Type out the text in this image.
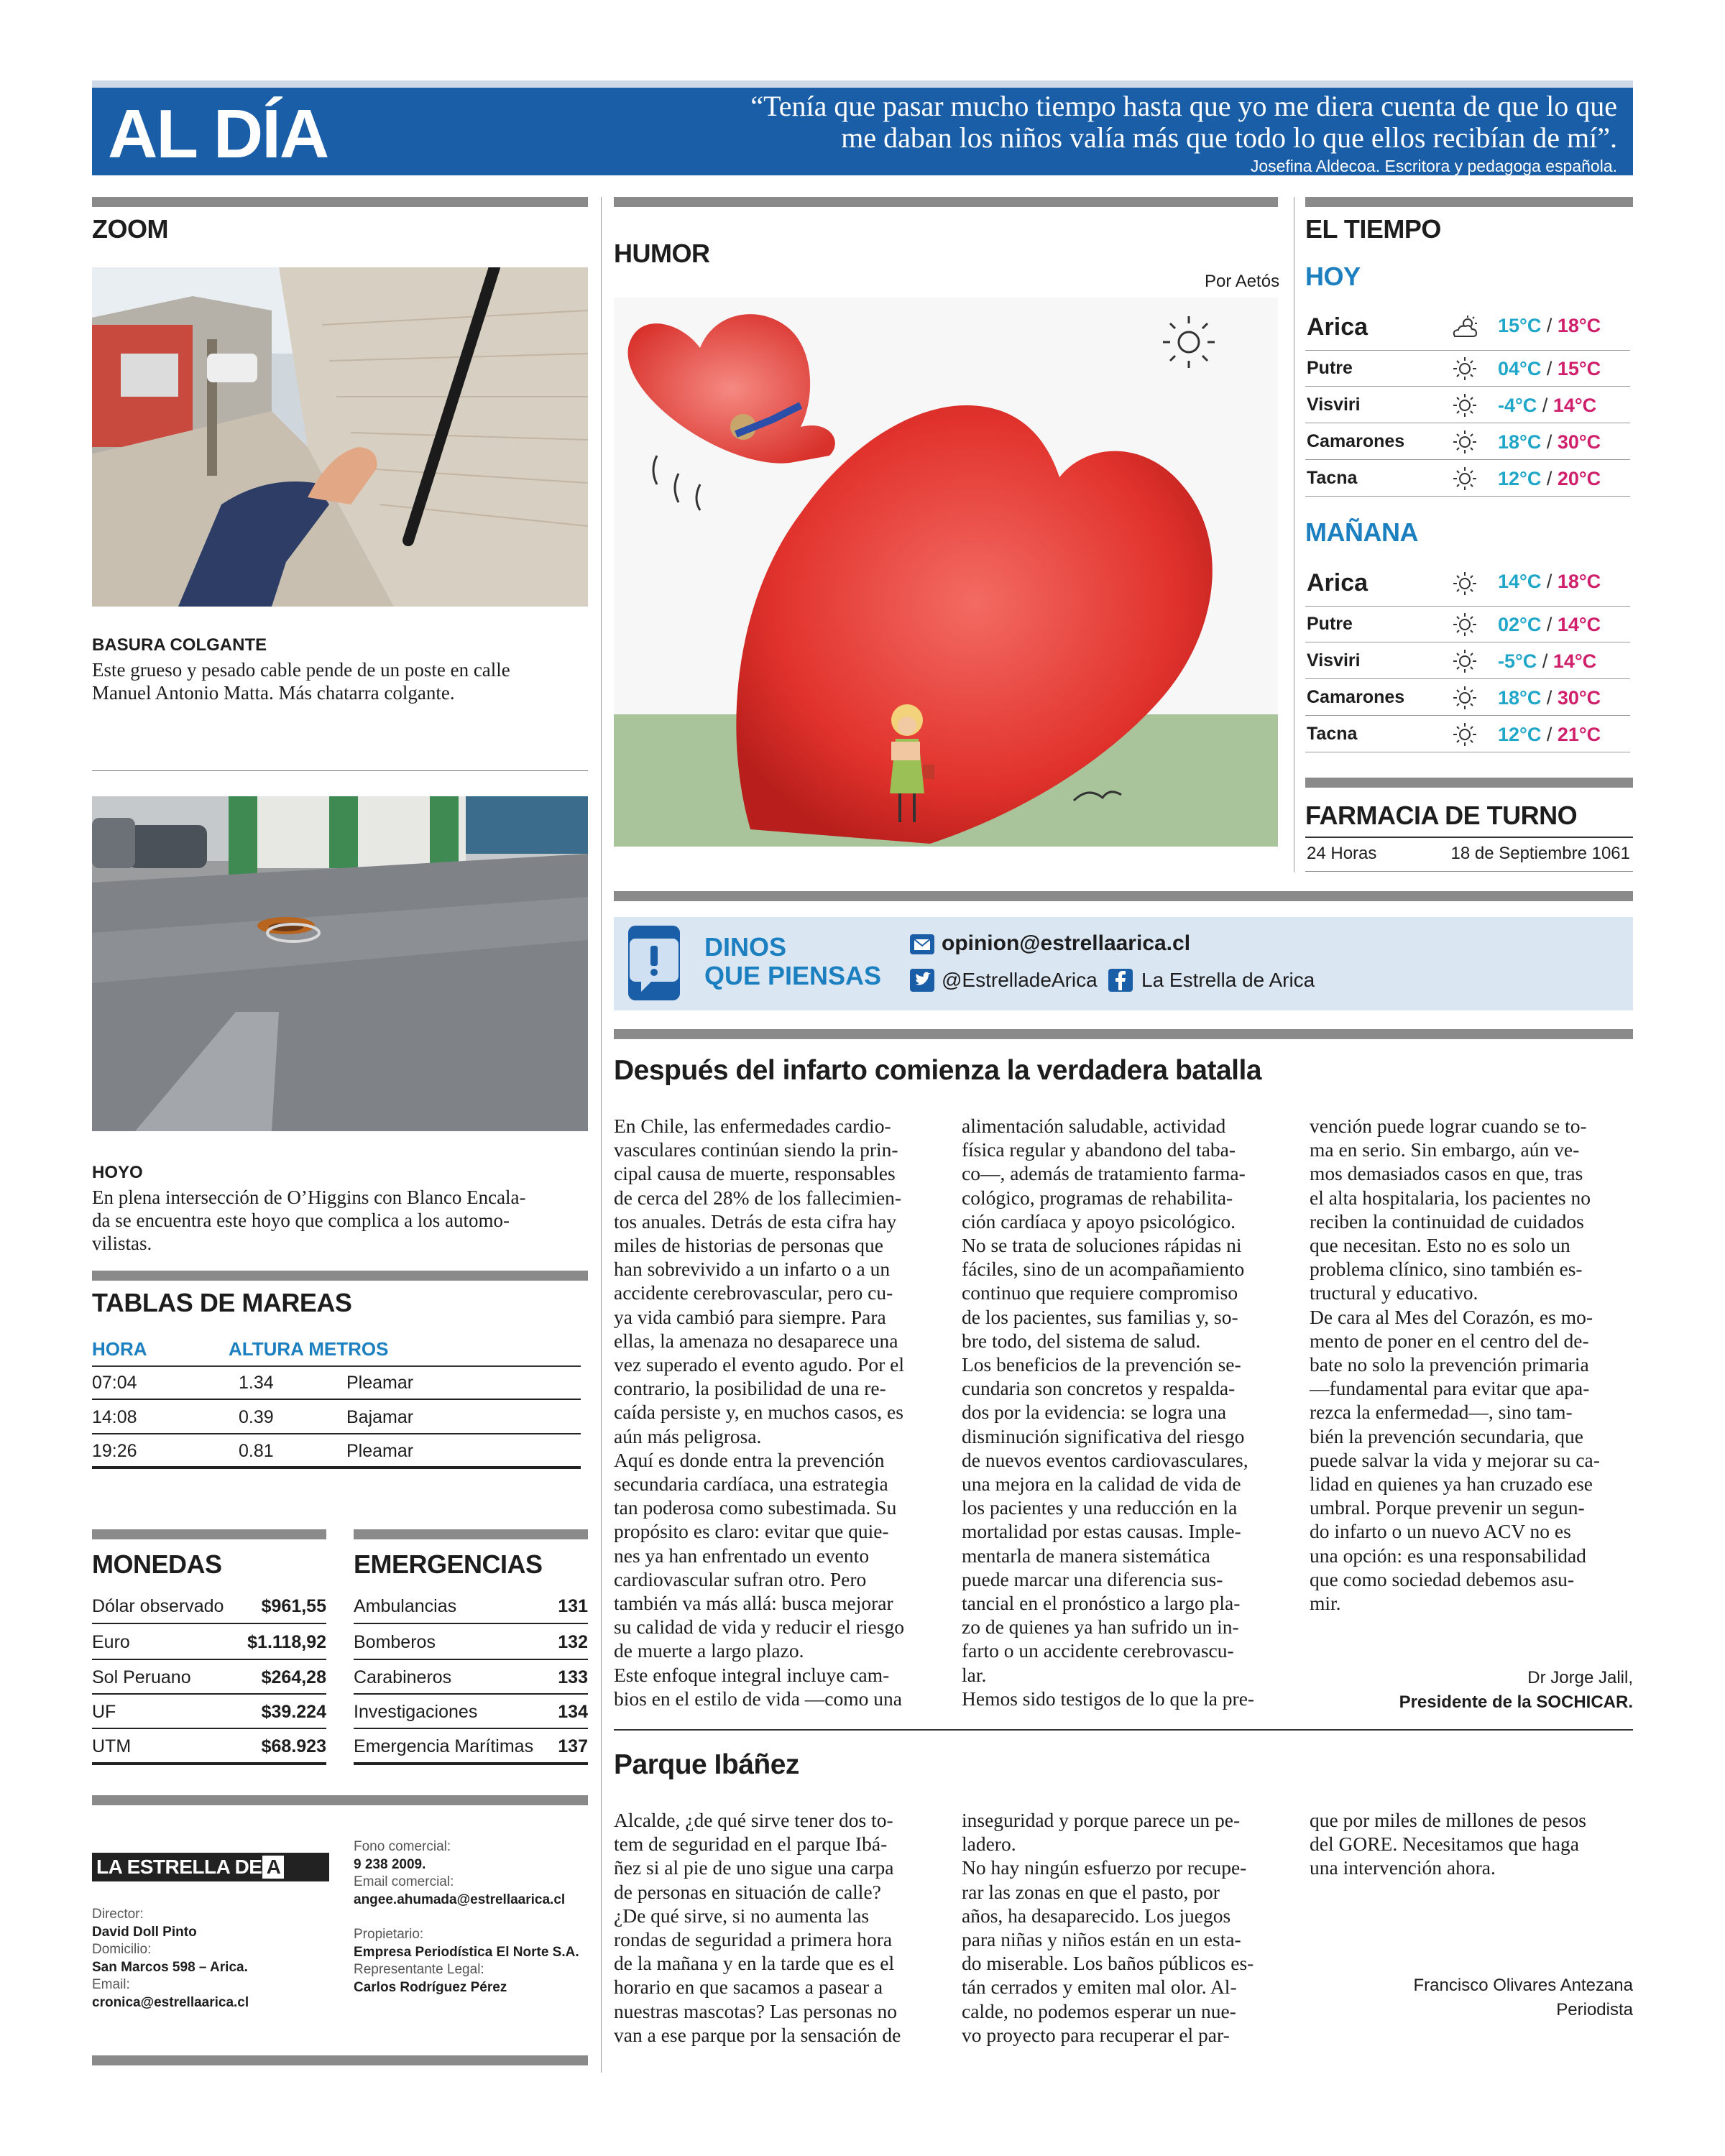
AL DÍA	“Tenía que pasar mucho tiempo hasta que yo me diera cuenta de que lo que
me daban los niños valía más que todo lo que ellos recibían de mí”.
Josefina Aldecoa. Escritora y pedagoga española.
ZOOM
BASURA COLGANTE
Este grueso y pesado cable pende de un poste en calle
Manuel Antonio Matta. Más chatarra colgante.
HOYO
En plena intersección de O’Higgins con Blanco Encala-
da se encuentra este hoyo que complica a los automo-
vilistas.
TABLAS DE MAREAS
HORA	ALTURA METROS
07:04	1.34	Pleamar
14:08	0.39	Bajamar
19:26	0.81	Pleamar
MONEDAS
Dólar observado $961,55
Euro	$1.118,92
Sol Peruano	$264,28
UF	$39.224
UTM	$68.923
EMERGENCIAS
Ambulancias	131
Bomberos	132
Carabineros	133
Investigaciones	134
Emergencia Marítimas 137
LA ESTRELLA DE ARICA
Director:
David Doll Pinto
Domicilio:
San Marcos 598 – Arica.
Email:
cronica@estrellaarica.cl
Fono comercial:
9 238 2009.
Email comercial:
angee.ahumada@estrellaarica.cl
Propietario:
Empresa Periodística El Norte S.A.
Representante Legal:
Carlos Rodríguez Pérez
HUMOR
Por Aetós
EL TIEMPO
HOY
Arica	15°C / 18°C
Putre	04°C / 15°C
Visviri	-4°C / 14°C
Camarones	18°C / 30°C
Tacna	12°C / 20°C
MAÑANA
Arica	14°C / 18°C
Putre	02°C / 14°C
Visviri	-5°C / 14°C
Camarones	18°C / 30°C
Tacna	12°C / 21°C
FARMACIA DE TURNO
24 Horas	18 de Septiembre 1061
DINOS
QUE PIENSAS
opinion@estrellaarica.cl
@EstrelladeArica La Estrella de Arica
Después del infarto comienza la verdadera batalla
En Chile, las enfermedades cardio-
vasculares continúan siendo la prin-
cipal causa de muerte, responsables
de cerca del 28% de los fallecimien-
tos anuales. Detrás de esta cifra hay
miles de historias de personas que
han sobrevivido a un infarto o a un
accidente cerebrovascular, pero cu-
ya vida cambió para siempre. Para
ellas, la amenaza no desaparece una
vez superado el evento agudo. Por el
contrario, la posibilidad de una re-
caída persiste y, en muchos casos, es
aún más peligrosa.
Aquí es donde entra la prevención
secundaria cardíaca, una estrategia
tan poderosa como subestimada. Su
propósito es claro: evitar que quie-
nes ya han enfrentado un evento
cardiovascular sufran otro. Pero
también va más allá: busca mejorar
su calidad de vida y reducir el riesgo
de muerte a largo plazo.
Este enfoque integral incluye cam-
bios en el estilo de vida —como una
alimentación saludable, actividad
física regular y abandono del taba-
co—, además de tratamiento farma-
cológico, programas de rehabilita-
ción cardíaca y apoyo psicológico.
No se trata de soluciones rápidas ni
fáciles, sino de un acompañamiento
continuo que requiere compromiso
de los pacientes, sus familias y, so-
bre todo, del sistema de salud.
Los beneficios de la prevención se-
cundaria son concretos y respalda-
dos por la evidencia: se logra una
disminución significativa del riesgo
de nuevos eventos cardiovasculares,
una mejora en la calidad de vida de
los pacientes y una reducción en la
mortalidad por estas causas. Imple-
mentarla de manera sistemática
puede marcar una diferencia sus-
tancial en el pronóstico a largo pla-
zo de quienes ya han sufrido un in-
farto o un accidente cerebrovascu-
lar.
Hemos sido testigos de lo que la pre-
vención puede lograr cuando se to-
ma en serio. Sin embargo, aún ve-
mos demasiados casos en que, tras
el alta hospitalaria, los pacientes no
reciben la continuidad de cuidados
que necesitan. Esto no es solo un
problema clínico, sino también es-
tructural y educativo.
De cara al Mes del Corazón, es mo-
mento de poner en el centro del de-
bate no solo la prevención primaria
—fundamental para evitar que apa-
rezca la enfermedad—, sino tam-
bién la prevención secundaria, que
puede salvar la vida y mejorar su ca-
lidad en quienes ya han cruzado ese
umbral. Porque prevenir un segun-
do infarto o un nuevo ACV no es
una opción: es una responsabilidad
que como sociedad debemos asu-
mir.
Dr Jorge Jalil,
Presidente de la SOCHICAR.
Parque Ibáñez
Alcalde, ¿de qué sirve tener dos to-
tem de seguridad en el parque Ibá-
ñez si al pie de uno sigue una carpa
de personas en situación de calle?
¿De qué sirve, si no aumenta las
rondas de seguridad a primera hora
de la mañana y en la tarde que es el
horario en que sacamos a pasear a
nuestras mascotas? Las personas no
van a ese parque por la sensación de
inseguridad y porque parece un pe-
ladero.
No hay ningún esfuerzo por recupe-
rar las zonas en que el pasto, por
años, ha desaparecido. Los juegos
para niñas y niños están en un esta-
do miserable. Los baños públicos es-
tán cerrados y emiten mal olor. Al-
calde, no podemos esperar un nue-
vo proyecto para recuperar el par-
que por miles de millones de pesos
del GORE. Necesitamos que haga
una intervención ahora.
Francisco Olivares Antezana
Periodista
